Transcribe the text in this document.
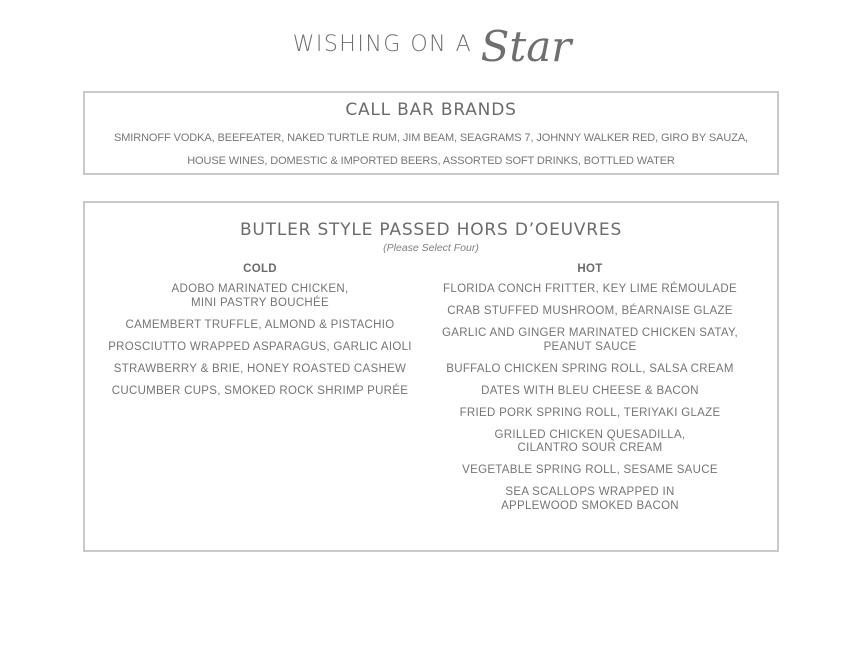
WISHING ON A Star
CALL BAR BRANDS
SMIRNOFF VODKA, BEEFEATER, NAKED TURTLE RUM, JIM BEAM, SEAGRAMS 7, JOHNNY WALKER RED, GIRO BY SAUZA,
HOUSE WINES, DOMESTIC & IMPORTED BEERS, ASSORTED SOFT DRINKS, BOTTLED WATER
BUTLER STYLE PASSED HORS D’OEUVRES
(Please Select Four)
COLD
ADOBO MARINATED CHICKEN,
MINI PASTRY BOUCHÉE
CAMEMBERT TRUFFLE, ALMOND & PISTACHIO
PROSCIUTTO WRAPPED ASPARAGUS, GARLIC AIOLI
STRAWBERRY & BRIE, HONEY ROASTED CASHEW
CUCUMBER CUPS, SMOKED ROCK SHRIMP PURÉE
HOT
FLORIDA CONCH FRITTER, KEY LIME RÉMOULADE
CRAB STUFFED MUSHROOM, BÉARNAISE GLAZE
GARLIC AND GINGER MARINATED CHICKEN SATAY,
PEANUT SAUCE
BUFFALO CHICKEN SPRING ROLL, SALSA CREAM
DATES WITH BLEU CHEESE & BACON
FRIED PORK SPRING ROLL, TERIYAKI GLAZE
GRILLED CHICKEN QUESADILLA,
CILANTRO SOUR CREAM
VEGETABLE SPRING ROLL, SESAME SAUCE
SEA SCALLOPS WRAPPED IN
APPLEWOOD SMOKED BACON
